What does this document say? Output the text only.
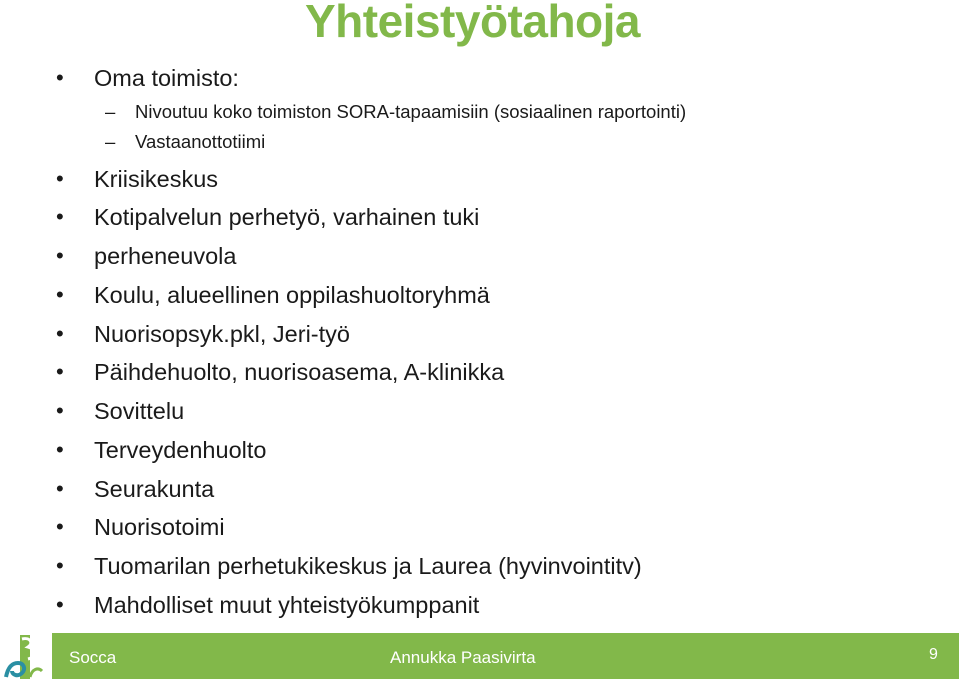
Yhteistyötahoja
• Oma toimisto:
– Nivoutuu koko toimiston SORA-tapaamisiin (sosiaalinen raportointi)
– Vastaanottotiimi
• Kriisikeskus
• Kotipalvelun perhetyö, varhainen tuki
• perheneuvola
• Koulu, alueellinen oppilashuoltoryhmä
• Nuorisopsyk.pkl, Jeri-työ
• Päihdehuolto, nuorisoasema, A-klinikka
• Sovittelu
• Terveydenhuolto
• Seurakunta
• Nuorisotoimi
• Tuomarilan perhetukikeskus ja Laurea (hyvinvointitv)
• Mahdolliset muut yhteistyökumppanit
Socca	Annukka Paasivirta	9
